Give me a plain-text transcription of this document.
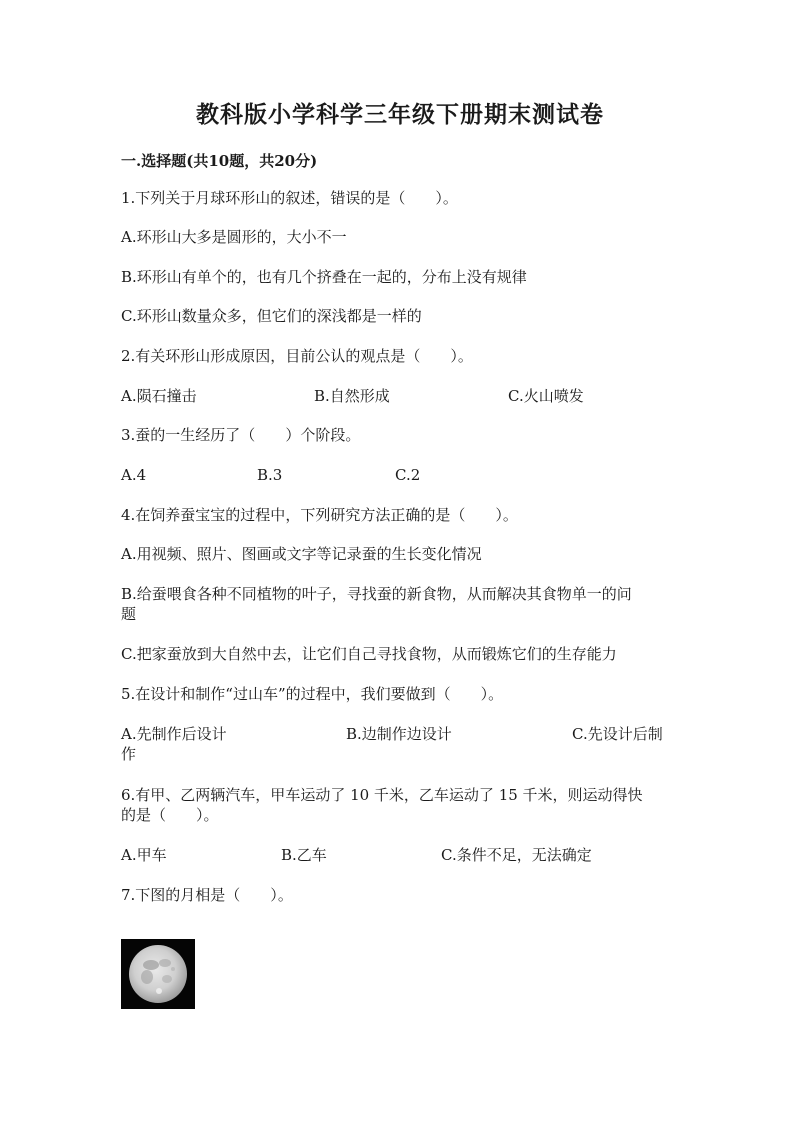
教科版小学科学三年级下册期末测试卷
一.选择题(共10题，共20分)
1.下列关于月球环形山的叙述，错误的是（　　）。
A.环形山大多是圆形的，大小不一
B.环形山有单个的，也有几个挤叠在一起的，分布上没有规律
C.环形山数量众多，但它们的深浅都是一样的
2.有关环形山形成原因，目前公认的观点是（　　）。
A.陨石撞击	B.自然形成	C.火山喷发
3.蚕的一生经历了（　　）个阶段。
A.4	B.3	C.2
4.在饲养蚕宝宝的过程中，下列研究方法正确的是（　　）。
A.用视频、照片、图画或文字等记录蚕的生长变化情况
B.给蚕喂食各种不同植物的叶子，寻找蚕的新食物，从而解决其食物单一的问
题
C.把家蚕放到大自然中去，让它们自己寻找食物，从而锻炼它们的生存能力
5.在设计和制作“过山车”的过程中，我们要做到（　　）。
A.先制作后设计	B.边制作边设计	C.先设计后制
作
6.有甲、乙两辆汽车，甲车运动了 10 千米，乙车运动了 15 千米，则运动得快
的是（　　）。
A.甲车	B.乙车	C.条件不足，无法确定
7.下图的月相是（　　）。
